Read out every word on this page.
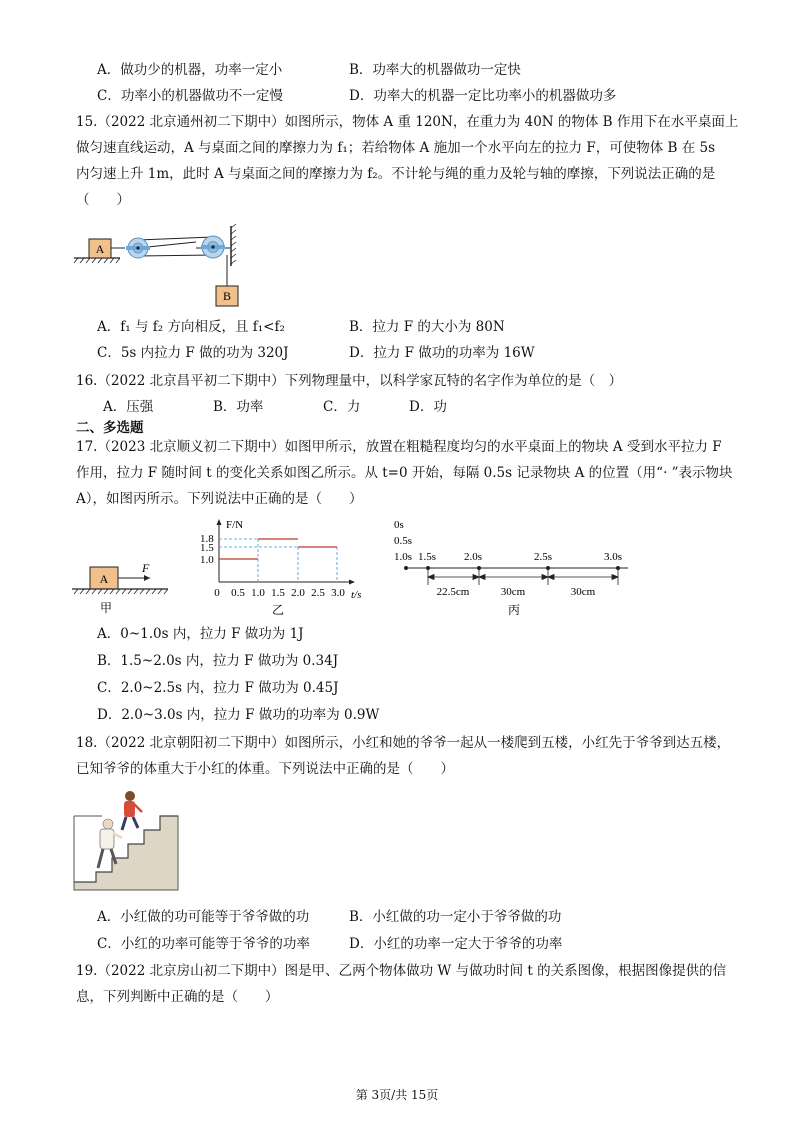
A．做功少的机器，功率一定小	B．功率大的机器做功一定快
C．功率小的机器做功不一定慢	D．功率大的机器一定比功率小的机器做功多
15.（2022 北京通州初二下期中）如图所示，物体 A 重 120N，在重力为 40N 的物体 B 作用下在水平桌面上
做匀速直线运动，A 与桌面之间的摩擦力为 f₁；若给物体 A 施加一个水平向左的拉力 F，可使物体 B 在 5s
内匀速上升 1m，此时 A 与桌面之间的摩擦力为 f₂。不计轮与绳的重力及轮与轴的摩擦，下列说法正确的是
（　　）
A
B
A．f₁ 与 f₂ 方向相反，且 f₁<f₂	B．拉力 F 的大小为 80N
C．5s 内拉力 F 做的功为 320J	D．拉力 F 做功的功率为 16W
16.（2022 北京昌平初二下期中）下列物理量中，以科学家瓦特的名字作为单位的是（　）
A．压强	B．功率	C．力	D．功
二、多选题
17.（2023 北京顺义初二下期中）如图甲所示，放置在粗糙程度均匀的水平桌面上的物块 A 受到水平拉力 F
作用，拉力 F 随时间 t 的变化关系如图乙所示。从 t=0 开始，每隔 0.5s 记录物块 A 的位置（用“· ”表示物块
A），如图丙所示。下列说法中正确的是（　　）
A
F
甲
F/N
1.8
1.5
1.0
0 0.5 1.0 1.5 2.0 2.5 3.0 t/s
乙
0s
0.5s
1.0s 1.5s	2.0s	2.5s	3.0s
22.5cm	30cm	30cm
丙
A．0~1.0s 内，拉力 F 做功为 1J
B．1.5~2.0s 内，拉力 F 做功为 0.34J
C．2.0~2.5s 内，拉力 F 做功为 0.45J
D．2.0~3.0s 内，拉力 F 做功的功率为 0.9W
18.（2022 北京朝阳初二下期中）如图所示，小红和她的爷爷一起从一楼爬到五楼，小红先于爷爷到达五楼，
已知爷爷的体重大于小红的体重。下列说法中正确的是（　　）
A．小红做的功可能等于爷爷做的功	B．小红做的功一定小于爷爷做的功
C．小红的功率可能等于爷爷的功率	D．小红的功率一定大于爷爷的功率
19.（2022 北京房山初二下期中）图是甲、乙两个物体做功 W 与做功时间 t 的关系图像，根据图像提供的信
息，下列判断中正确的是（　　）
第 3页/共 15页
